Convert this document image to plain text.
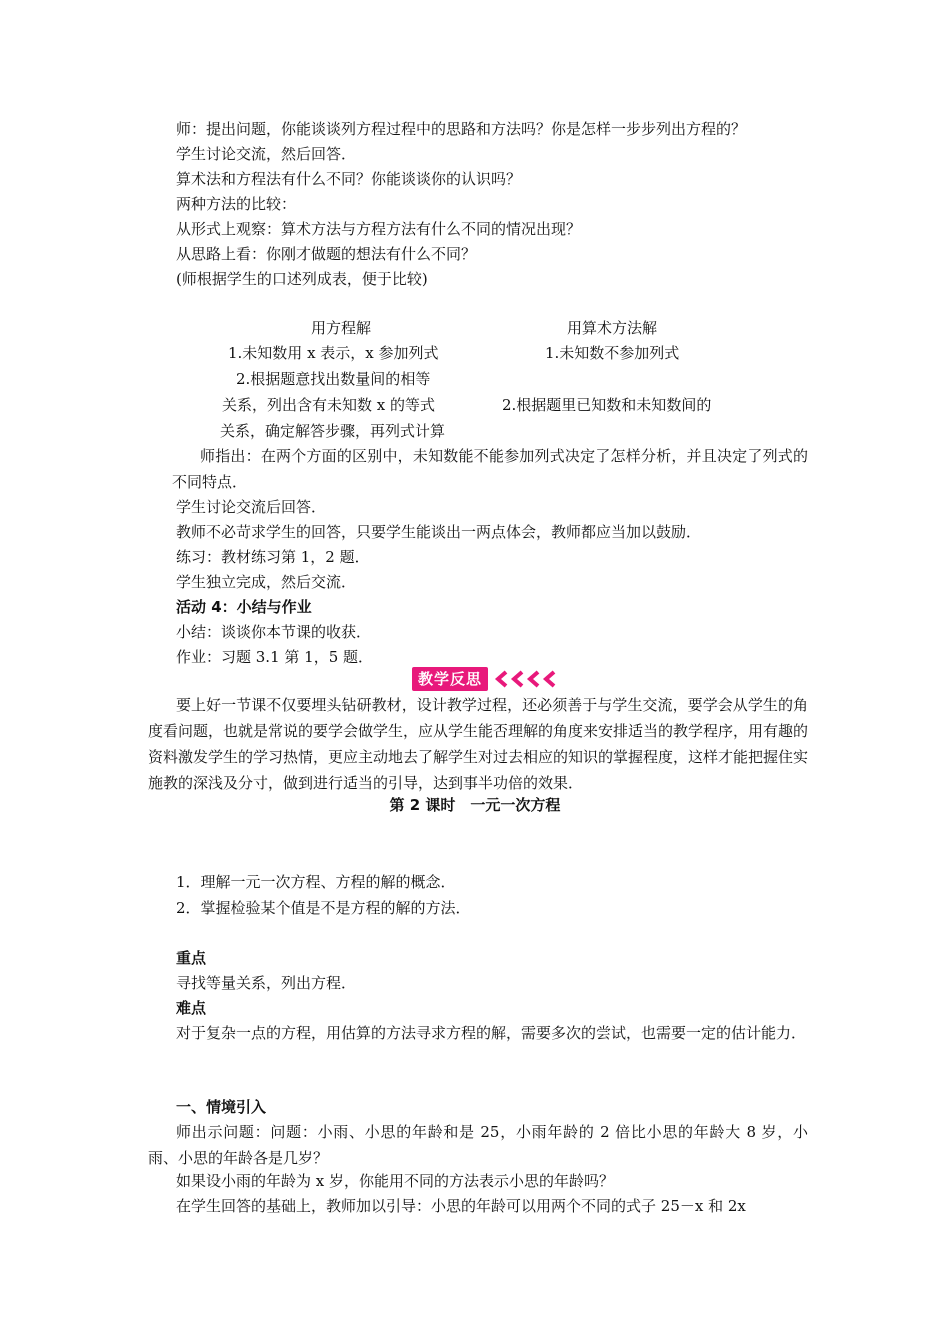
师：提出问题，你能谈谈列方程过程中的思路和方法吗？你是怎样一步步列出方程的？
学生讨论交流，然后回答．
算术法和方程法有什么不同？你能谈谈你的认识吗？
两种方法的比较：
从形式上观察：算术方法与方程方法有什么不同的情况出现？
从思路上看：你刚才做题的想法有什么不同？
(师根据学生的口述列成表，便于比较)
用方程解	用算术方法解
1.未知数用 x 表示，x 参加列式	1.未知数不参加列式
2.根据题意找出数量间的相等
关系，列出含有未知数 x 的等式	2.根据题里已知数和未知数间的
关系，确定解答步骤，再列式计算
师指出：在两个方面的区别中，未知数能不能参加列式决定了怎样分析，并且决定了列式的不同特点．
学生讨论交流后回答．
教师不必苛求学生的回答，只要学生能谈出一两点体会，教师都应当加以鼓励．
练习：教材练习第 1，2 题．
学生独立完成，然后交流．
活动 4：小结与作业
小结：谈谈你本节课的收获．
作业：习题 3.1 第 1，5 题．
教学反思
要上好一节课不仅要埋头钻研教材，设计教学过程，还必须善于与学生交流，要学会从学生的角度看问题，也就是常说的要学会做学生，应从学生能否理解的角度来安排适当的教学程序，用有趣的资料激发学生的学习热情，更应主动地去了解学生对过去相应的知识的掌握程度，这样才能把握住实施教的深浅及分寸，做到进行适当的引导，达到事半功倍的效果．
第 2 课时　一元一次方程
1．理解一元一次方程、方程的解的概念．
2．掌握检验某个值是不是方程的解的方法．
重点
寻找等量关系，列出方程．
难点
对于复杂一点的方程，用估算的方法寻求方程的解，需要多次的尝试，也需要一定的估计能力．
一、情境引入
师出示问题：问题：小雨、小思的年龄和是 25，小雨年龄的 2 倍比小思的年龄大 8 岁，小雨、小思的年龄各是几岁？
如果设小雨的年龄为 x 岁，你能用不同的方法表示小思的年龄吗？
在学生回答的基础上，教师加以引导：小思的年龄可以用两个不同的式子 25－x 和 2x
